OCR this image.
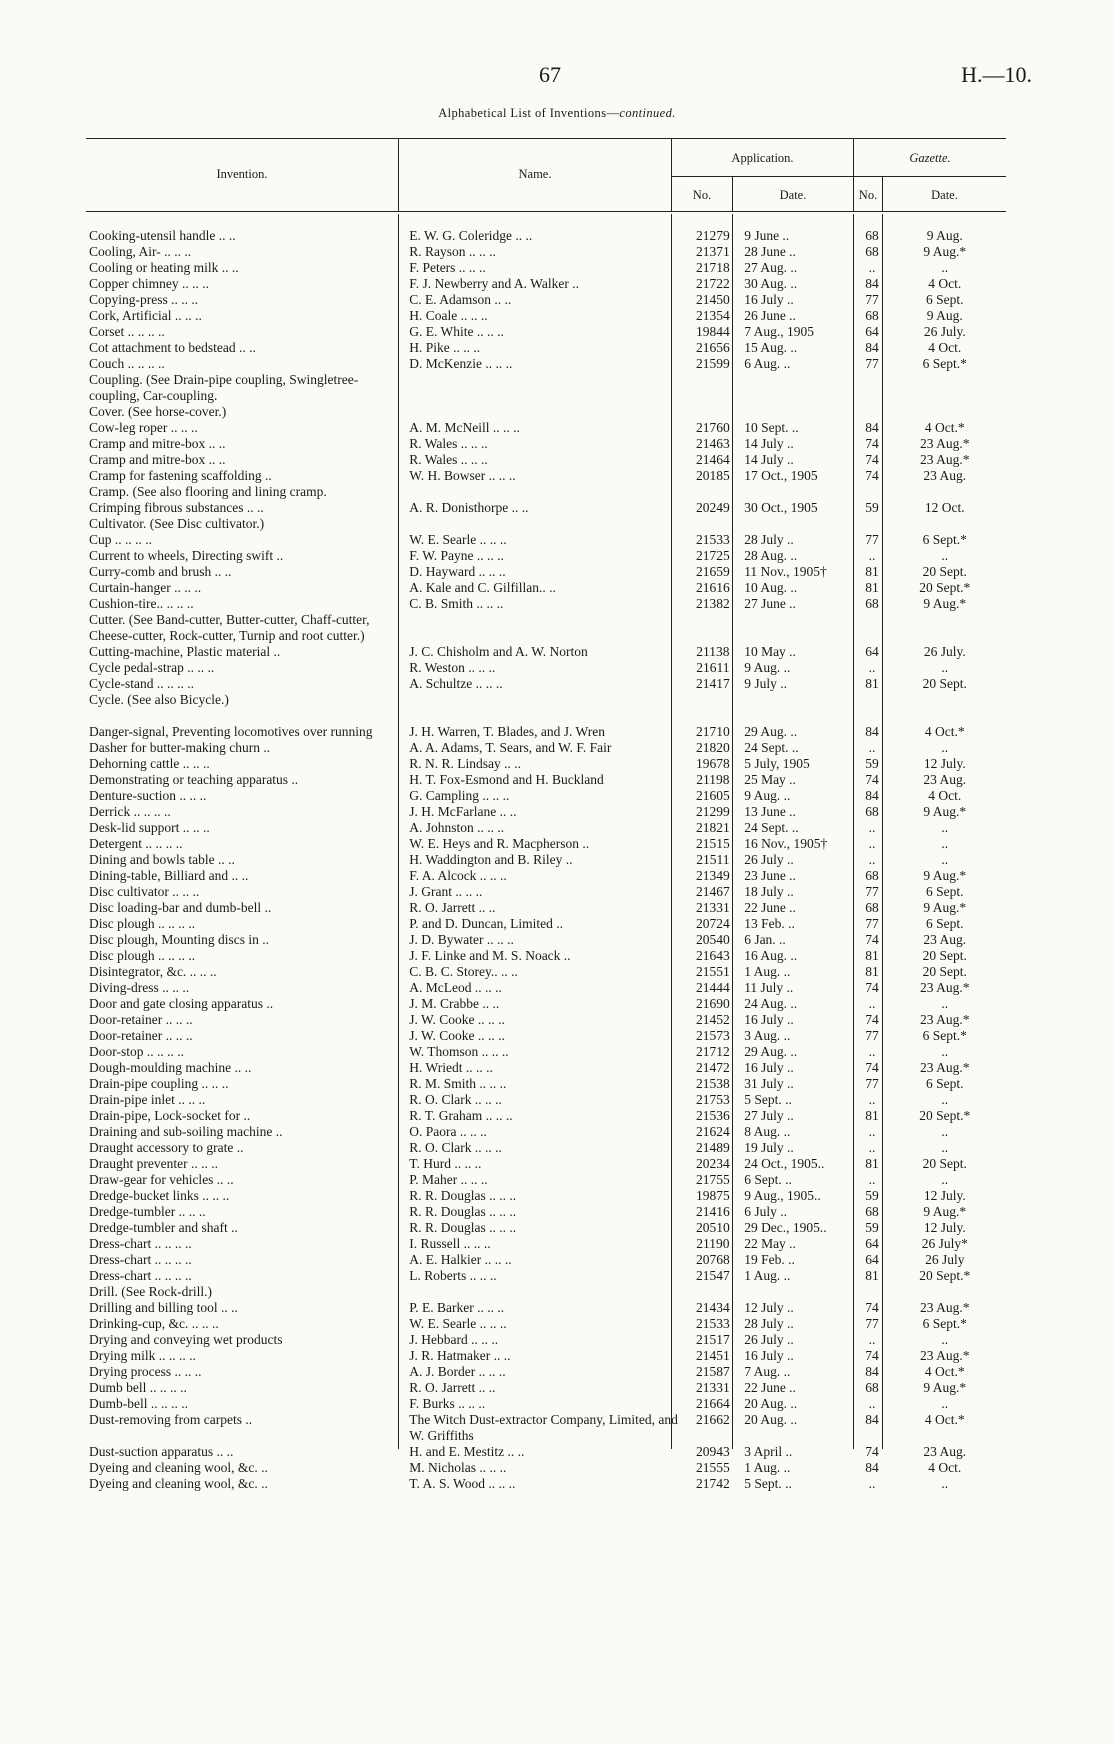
67	H.—10.
Alphabetical List of Inventions—continued.
Invention.	Name.
Application.	Gazette.
No.	Date.	No.	Date.
Cooking-utensil handle .. ..	E. W. G. Coleridge .. ..	21279	9 June ..	68	9 Aug.
Cooling, Air- .. .. ..	R. Rayson .. .. ..	21371	28 June ..	68	9 Aug.*
Cooling or heating milk .. ..	F. Peters .. .. ..	21718	27 Aug. ..	..	..
Copper chimney .. .. ..	F. J. Newberry and A. Walker ..	21722	30 Aug. ..	84	4 Oct.
Copying-press .. .. ..	C. E. Adamson .. ..	21450	16 July ..	77	6 Sept.
Cork, Artificial .. .. ..	H. Coale .. .. ..	21354	26 June ..	68	9 Aug.
Corset .. .. .. ..	G. E. White .. .. ..	19844	7 Aug., 1905	64	26 July.
Cot attachment to bedstead .. ..	H. Pike .. .. ..	21656	15 Aug. ..	84	4 Oct.
Couch .. .. .. ..	D. McKenzie .. .. ..	21599	6 Aug. ..	77	6 Sept.*
Coupling. (See Drain-pipe coupling, Swingletree-coupling, Car-coupling.					
Cover. (See horse-cover.)					
Cow-leg roper .. .. ..	A. M. McNeill .. .. ..	21760	10 Sept. ..	84	4 Oct.*
Cramp and mitre-box .. ..	R. Wales .. .. ..	21463	14 July ..	74	23 Aug.*
Cramp and mitre-box .. ..	R. Wales .. .. ..	21464	14 July ..	74	23 Aug.*
Cramp for fastening scaffolding ..	W. H. Bowser .. .. ..	20185	17 Oct., 1905	74	23 Aug.
Cramp. (See also flooring and lining cramp.					
Crimping fibrous substances .. ..	A. R. Donisthorpe .. ..	20249	30 Oct., 1905	59	12 Oct.
Cultivator. (See Disc cultivator.)					
Cup .. .. .. ..	W. E. Searle .. .. ..	21533	28 July ..	77	6 Sept.*
Current to wheels, Directing swift ..	F. W. Payne .. .. ..	21725	28 Aug. ..	..	..
Curry-comb and brush .. ..	D. Hayward .. .. ..	21659	11 Nov., 1905†	81	20 Sept.
Curtain-hanger .. .. ..	A. Kale and C. Gilfillan.. ..	21616	10 Aug. ..	81	20 Sept.*
Cushion-tire.. .. .. ..	C. B. Smith .. .. ..	21382	27 June ..	68	9 Aug.*
Cutter. (See Band-cutter, Butter-cutter, Chaff-cutter, Cheese-cutter, Rock-cutter, Turnip and root cutter.)					
Cutting-machine, Plastic material ..	J. C. Chisholm and A. W. Norton	21138	10 May ..	64	26 July.
Cycle pedal-strap .. .. ..	R. Weston .. .. ..	21611	9 Aug. ..	..	..
Cycle-stand .. .. .. ..	A. Schultze .. .. ..	21417	9 July ..	81	20 Sept.
Cycle. (See also Bicycle.)					

Danger-signal, Preventing locomotives over running	J. H. Warren, T. Blades, and J. Wren	21710	29 Aug. ..	84	4 Oct.*
Dasher for butter-making churn ..	A. A. Adams, T. Sears, and W. F. Fair	21820	24 Sept. ..	..	..
Dehorning cattle .. .. ..	R. N. R. Lindsay .. ..	19678	5 July, 1905	59	12 July.
Demonstrating or teaching apparatus ..	H. T. Fox-Esmond and H. Buckland	21198	25 May ..	74	23 Aug.
Denture-suction .. .. ..	G. Campling .. .. ..	21605	9 Aug. ..	84	4 Oct.
Derrick .. .. .. ..	J. H. McFarlane .. ..	21299	13 June ..	68	9 Aug.*
Desk-lid support .. .. ..	A. Johnston .. .. ..	21821	24 Sept. ..	..	..
Detergent .. .. .. ..	W. E. Heys and R. Macpherson ..	21515	16 Nov., 1905†	..	..
Dining and bowls table .. ..	H. Waddington and B. Riley ..	21511	26 July ..	..	..
Dining-table, Billiard and .. ..	F. A. Alcock .. .. ..	21349	23 June ..	68	9 Aug.*
Disc cultivator .. .. ..	J. Grant .. .. ..	21467	18 July ..	77	6 Sept.
Disc loading-bar and dumb-bell ..	R. O. Jarrett .. ..	21331	22 June ..	68	9 Aug.*
Disc plough .. .. .. ..	P. and D. Duncan, Limited ..	20724	13 Feb. ..	77	6 Sept.
Disc plough, Mounting discs in ..	J. D. Bywater .. .. ..	20540	6 Jan. ..	74	23 Aug.
Disc plough .. .. .. ..	J. F. Linke and M. S. Noack ..	21643	16 Aug. ..	81	20 Sept.
Disintegrator, &c. .. .. ..	C. B. C. Storey.. .. ..	21551	1 Aug. ..	81	20 Sept.
Diving-dress .. .. ..	A. McLeod .. .. ..	21444	11 July ..	74	23 Aug.*
Door and gate closing apparatus ..	J. M. Crabbe .. ..	21690	24 Aug. ..	..	..
Door-retainer .. .. ..	J. W. Cooke .. .. ..	21452	16 July ..	74	23 Aug.*
Door-retainer .. .. ..	J. W. Cooke .. .. ..	21573	3 Aug. ..	77	6 Sept.*
Door-stop .. .. .. ..	W. Thomson .. .. ..	21712	29 Aug. ..	..	..
Dough-moulding machine .. ..	H. Wriedt .. .. ..	21472	16 July ..	74	23 Aug.*
Drain-pipe coupling .. .. ..	R. M. Smith .. .. ..	21538	31 July ..	77	6 Sept.
Drain-pipe inlet .. .. ..	R. O. Clark .. .. ..	21753	5 Sept. ..	..	..
Drain-pipe, Lock-socket for ..	R. T. Graham .. .. ..	21536	27 July ..	81	20 Sept.*
Draining and sub-soiling machine ..	O. Paora .. .. ..	21624	8 Aug. ..	..	..
Draught accessory to grate ..	R. O. Clark .. .. ..	21489	19 July ..	..	..
Draught preventer .. .. ..	T. Hurd .. .. ..	20234	24 Oct., 1905..	81	20 Sept.
Draw-gear for vehicles .. ..	P. Maher .. .. ..	21755	6 Sept. ..	..	..
Dredge-bucket links .. .. ..	R. R. Douglas .. .. ..	19875	9 Aug., 1905..	59	12 July.
Dredge-tumbler .. .. ..	R. R. Douglas .. .. ..	21416	6 July ..	68	9 Aug.*
Dredge-tumbler and shaft ..	R. R. Douglas .. .. ..	20510	29 Dec., 1905..	59	12 July.
Dress-chart .. .. .. ..	I. Russell .. .. ..	21190	22 May ..	64	26 July*
Dress-chart .. .. .. ..	A. E. Halkier .. .. ..	20768	19 Feb. ..	64	26 July
Dress-chart .. .. .. ..	L. Roberts .. .. ..	21547	1 Aug. ..	81	20 Sept.*
Drill. (See Rock-drill.)					
Drilling and billing tool .. ..	P. E. Barker .. .. ..	21434	12 July ..	74	23 Aug.*
Drinking-cup, &c. .. .. ..	W. E. Searle .. .. ..	21533	28 July ..	77	6 Sept.*
Drying and conveying wet products	J. Hebbard .. .. ..	21517	26 July ..	..	..
Drying milk .. .. .. ..	J. R. Hatmaker .. ..	21451	16 July ..	74	23 Aug.*
Drying process .. .. ..	A. J. Border .. .. ..	21587	7 Aug. ..	84	4 Oct.*
Dumb bell .. .. .. ..	R. O. Jarrett .. ..	21331	22 June ..	68	9 Aug.*
Dumb-bell .. .. .. ..	F. Burks .. .. ..	21664	20 Aug. ..	..	..
Dust-removing from carpets ..	The Witch Dust-extractor Company, Limited, and W. Griffiths	21662	20 Aug. ..	84	4 Oct.*
Dust-suction apparatus .. ..	H. and E. Mestitz .. ..	20943	3 April ..	74	23 Aug.
Dyeing and cleaning wool, &c. ..	M. Nicholas .. .. ..	21555	1 Aug. ..	84	4 Oct.
Dyeing and cleaning wool, &c. ..	T. A. S. Wood .. .. ..	21742	5 Sept. ..	..	..
